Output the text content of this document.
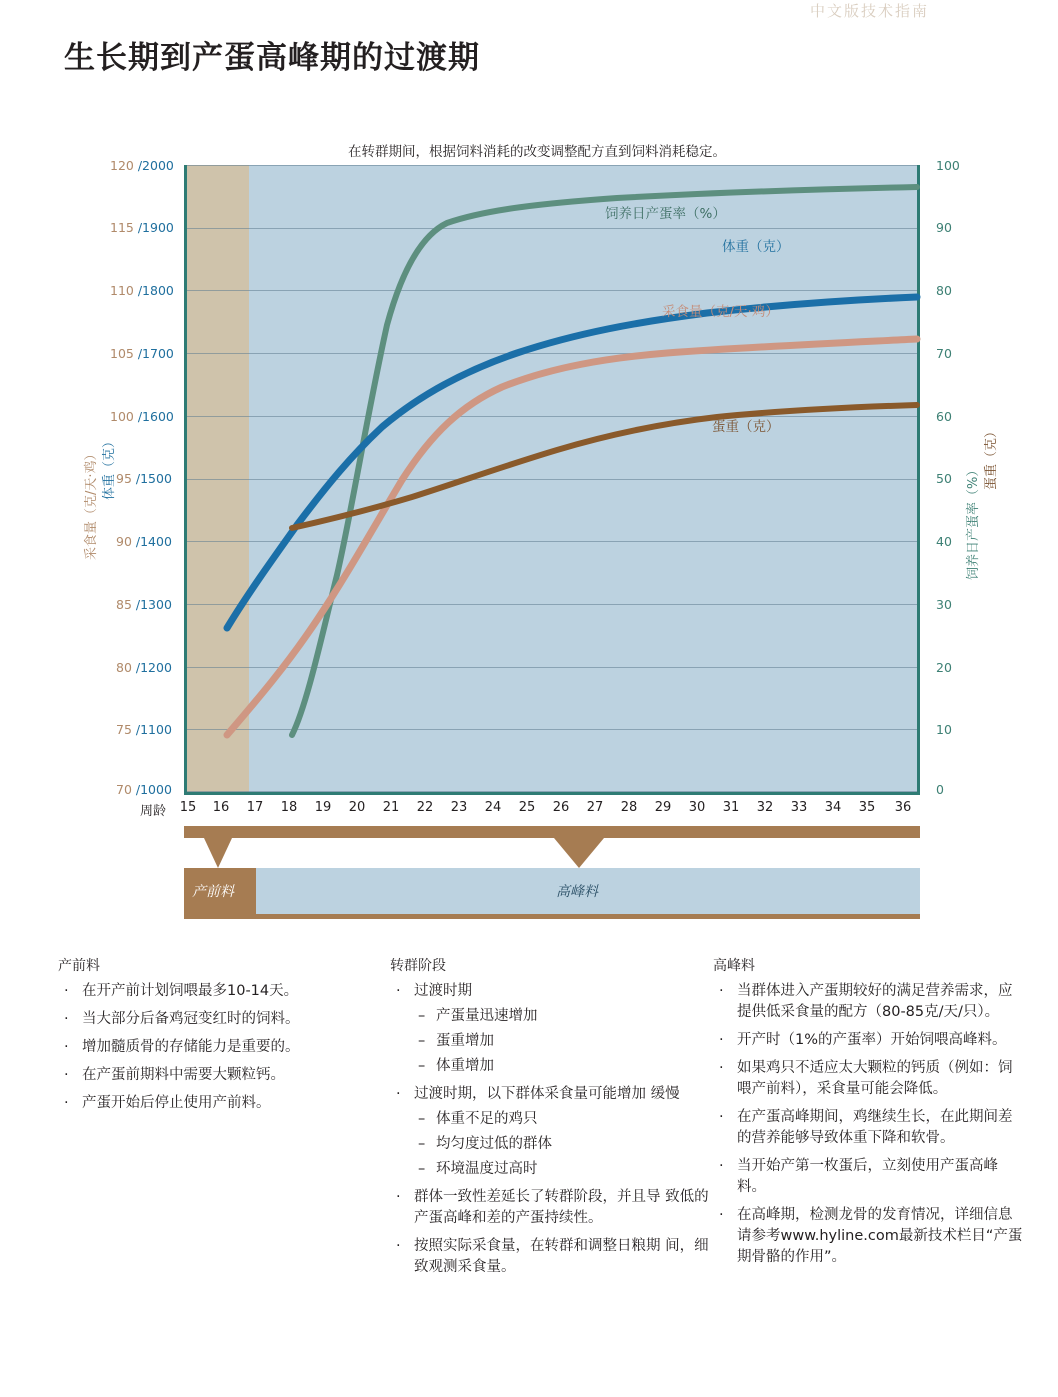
中文版技术指南
生长期到产蛋高峰期的过渡期
在转群期间，根据饲料消耗的改变调整配方直到饲料消耗稳定。
饲养日产蛋率（%）
体重（克）
采食量（克/天·鸡）
蛋重（克）
120 /2000
115 /1900
110 /1800
105 /1700
100 /1600
95 /1500
90 /1400
85 /1300
80 /1200
75 /1100
70 /1000
100
90
80
70
60
50
40
30
20
10
0
采食量（克/天·鸡） 体重（克）	饲养日产蛋率（%）
蛋重（克）
周龄	15	16	17	18	19	20	21	22	23	24	25	26	27	28	29	30	31	32	33	34	35	36
产前料	高峰料
产前料
· 在开产前计划饲喂最多10-14天。
· 当大部分后备鸡冠变红时的饲料。
· 增加髓质骨的存储能力是重要的。
· 在产蛋前期料中需要大颗粒钙。
· 产蛋开始后停止使用产前料。
转群阶段
· 过渡时期
– 产蛋量迅速增加
– 蛋重增加
– 体重增加
· 过渡时期，以下群体采食量可能增加 缓慢
– 体重不足的鸡只
– 均匀度过低的群体
– 环境温度过高时
· 群体一致性差延长了转群阶段，并且导 致低的产蛋高峰和差的产蛋持续性。
· 按照实际采食量，在转群和调整日粮期 间，细致观测采食量。
高峰料
· 当群体进入产蛋期较好的满足营养需求，应提供低采食量的配方（80-85克/天/只）。
· 开产时（1%的产蛋率）开始饲喂高峰料。
· 如果鸡只不适应太大颗粒的钙质（例如：饲喂产前料），采食量可能会降低。
· 在产蛋高峰期间，鸡继续生长，在此期间差的营养能够导致体重下降和软骨。
· 当开始产第一枚蛋后，立刻使用产蛋高峰料。
· 在高峰期，检测龙骨的发育情况，详细信息请参考www.hyline.com最新技术栏目“产蛋期骨骼的作用”。
